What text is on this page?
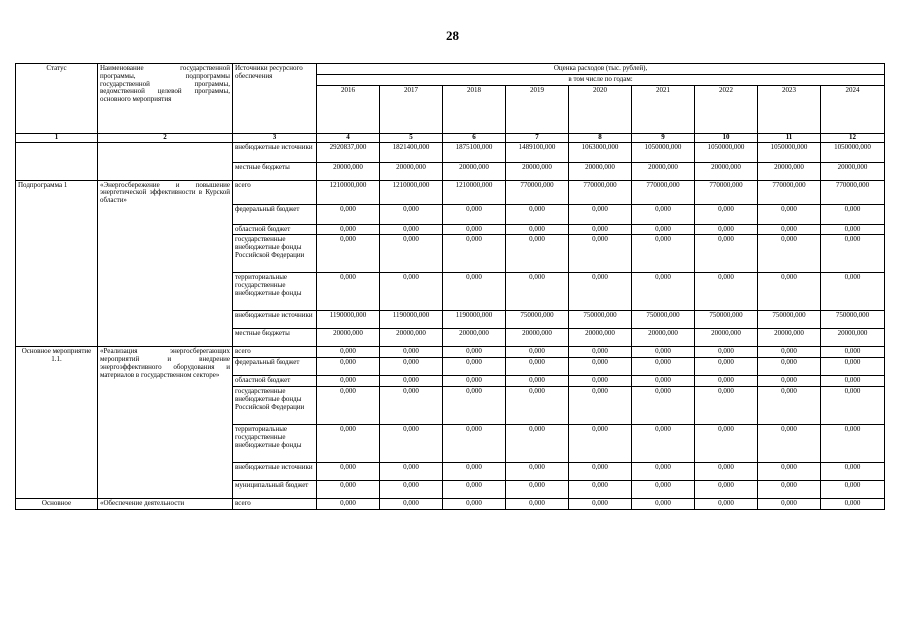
28
Статус	Наименование государственной программы, подпрограммы государственной программы, ведомственной целевой программы, основного мероприятия	Источники ресурсного обеспечения	Оценка расходов (тыс. рублей),								
			в том числе по годам:								
			2016	2017	2018	2019	2020	2021	2022	2023	2024
1	2	3	4	5	6	7	8	9	10	11	12
		внебюджетные источники	2920837,000	1821400,000	1875100,000	1489100,000	1063000,000	1050000,000	1050000,000	1050000,000	1050000,000
		местные бюджеты	20000,000	20000,000	20000,000	20000,000	20000,000	20000,000	20000,000	20000,000	20000,000
Подпрограмма 1	«Энергосбережение и повышение энергетической эффективности в Курской области»	всего	1210000,000	1210000,000	1210000,000	770000,000	770000,000	770000,000	770000,000	770000,000	770000,000
		федеральный бюджет	0,000	0,000	0,000	0,000	0,000	0,000	0,000	0,000	0,000
		областной бюджет	0,000	0,000	0,000	0,000	0,000	0,000	0,000	0,000	0,000
		государственные внебюджетные фонды Российской Федерации	0,000	0,000	0,000	0,000	0,000	0,000	0,000	0,000	0,000
		территориальные государственные внебюджетные фонды	0,000	0,000	0,000	0,000	0,000	0,000	0,000	0,000	0,000
		внебюджетные источники	1190000,000	1190000,000	1190000,000	750000,000	750000,000	750000,000	750000,000	750000,000	750000,000
		местные бюджеты	20000,000	20000,000	20000,000	20000,000	20000,000	20000,000	20000,000	20000,000	20000,000
Основное мероприятие 1.1.	«Реализация энергосберегающих мероприятий и внедрение энергоэффективного оборудования и материалов в государственном секторе»	всего	0,000	0,000	0,000	0,000	0,000	0,000	0,000	0,000	0,000
		федеральный бюджет	0,000	0,000	0,000	0,000	0,000	0,000	0,000	0,000	0,000
		областной бюджет	0,000	0,000	0,000	0,000	0,000	0,000	0,000	0,000	0,000
		государственные внебюджетные фонды Российской Федерации	0,000	0,000	0,000	0,000	0,000	0,000	0,000	0,000	0,000
		территориальные государственные внебюджетные фонды	0,000	0,000	0,000	0,000	0,000	0,000	0,000	0,000	0,000
		внебюджетные источники	0,000	0,000	0,000	0,000	0,000	0,000	0,000	0,000	0,000
		муниципальный бюджет	0,000	0,000	0,000	0,000	0,000	0,000	0,000	0,000	0,000
Основное	«Обеспечение деятельности	всего	0,000	0,000	0,000	0,000	0,000	0,000	0,000	0,000	0,000
